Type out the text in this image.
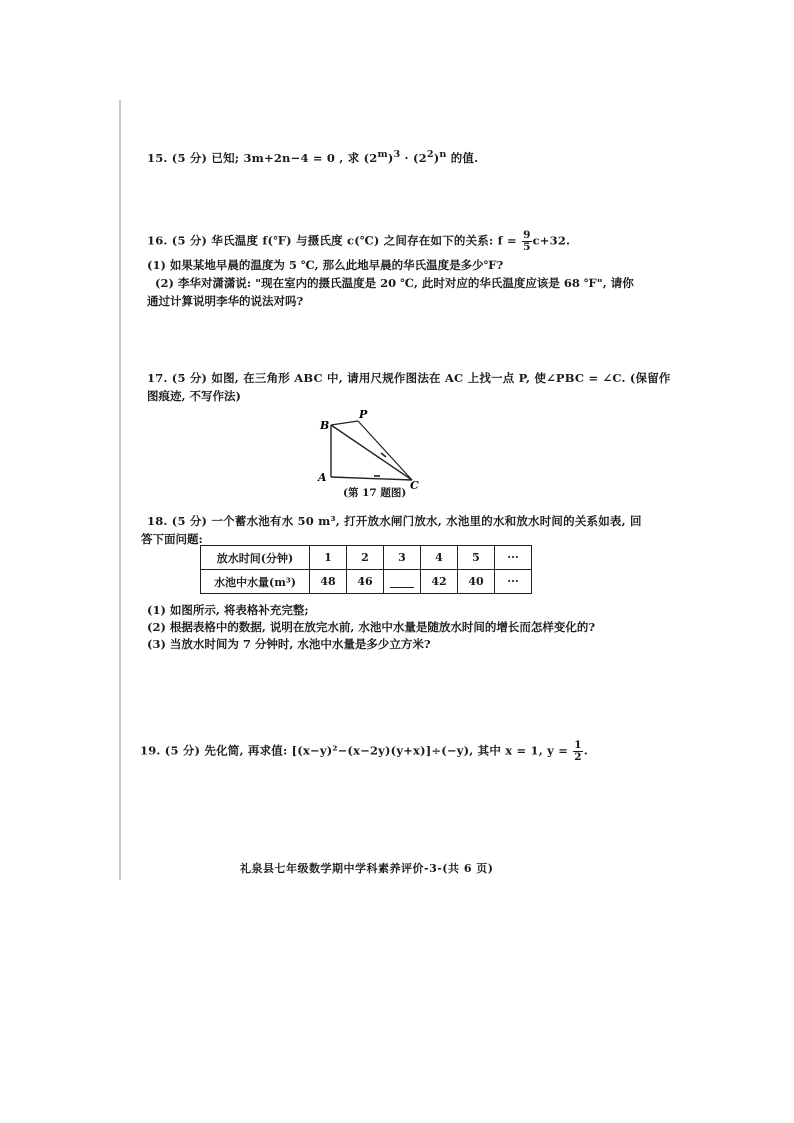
15. (5 分) 已知; 3m+2n−4 = 0 , 求 $(2^m)^3 \cdot (2^2)^n$ 的值.
16. (5 分) 华氏温度 f(℉) 与摄氏度 c(℃) 之间存在如下的关系: $f = \frac{9}{5} c+32$.
(1) 如果某地早晨的温度为 5 ℃, 那么此地早晨的华氏温度是多少℉?
(2) 李华对潇潇说: "现在室内的摄氏温度是 20 ℃, 此时对应的华氏温度应该是 68 ℉", 请你
通过计算说明李华的说法对吗?
17. (5 分) 如图, 在三角形 ABC 中, 请用尺规作图法在 AC 上找一点 P, 使∠PBC = ∠C. (保留作
图痕迹, 不写作法)
B
P
A
C
(第 17 题图)
18. (5 分) 一个蓄水池有水 50 m³, 打开放水闸门放水, 水池里的水和放水时间的关系如表, 回
答下面问题:
放水时间(分钟)	1	2	3	4	5	···
水池中水量(m³)	48	46		42	40	···
(1) 如图所示, 将表格补充完整;
(2) 根据表格中的数据, 说明在放完水前, 水池中水量是随放水时间的增长而怎样变化的?
(3) 当放水时间为 7 分钟时, 水池中水量是多少立方米?
19. (5 分) 先化简, 再求值: [(x−y)²−(x−2y)(y+x)]÷(−y), 其中 x = 1, $y = \frac{1}{2}$ .
礼泉县七年级数学期中学科素养评价-3-(共 6 页)
